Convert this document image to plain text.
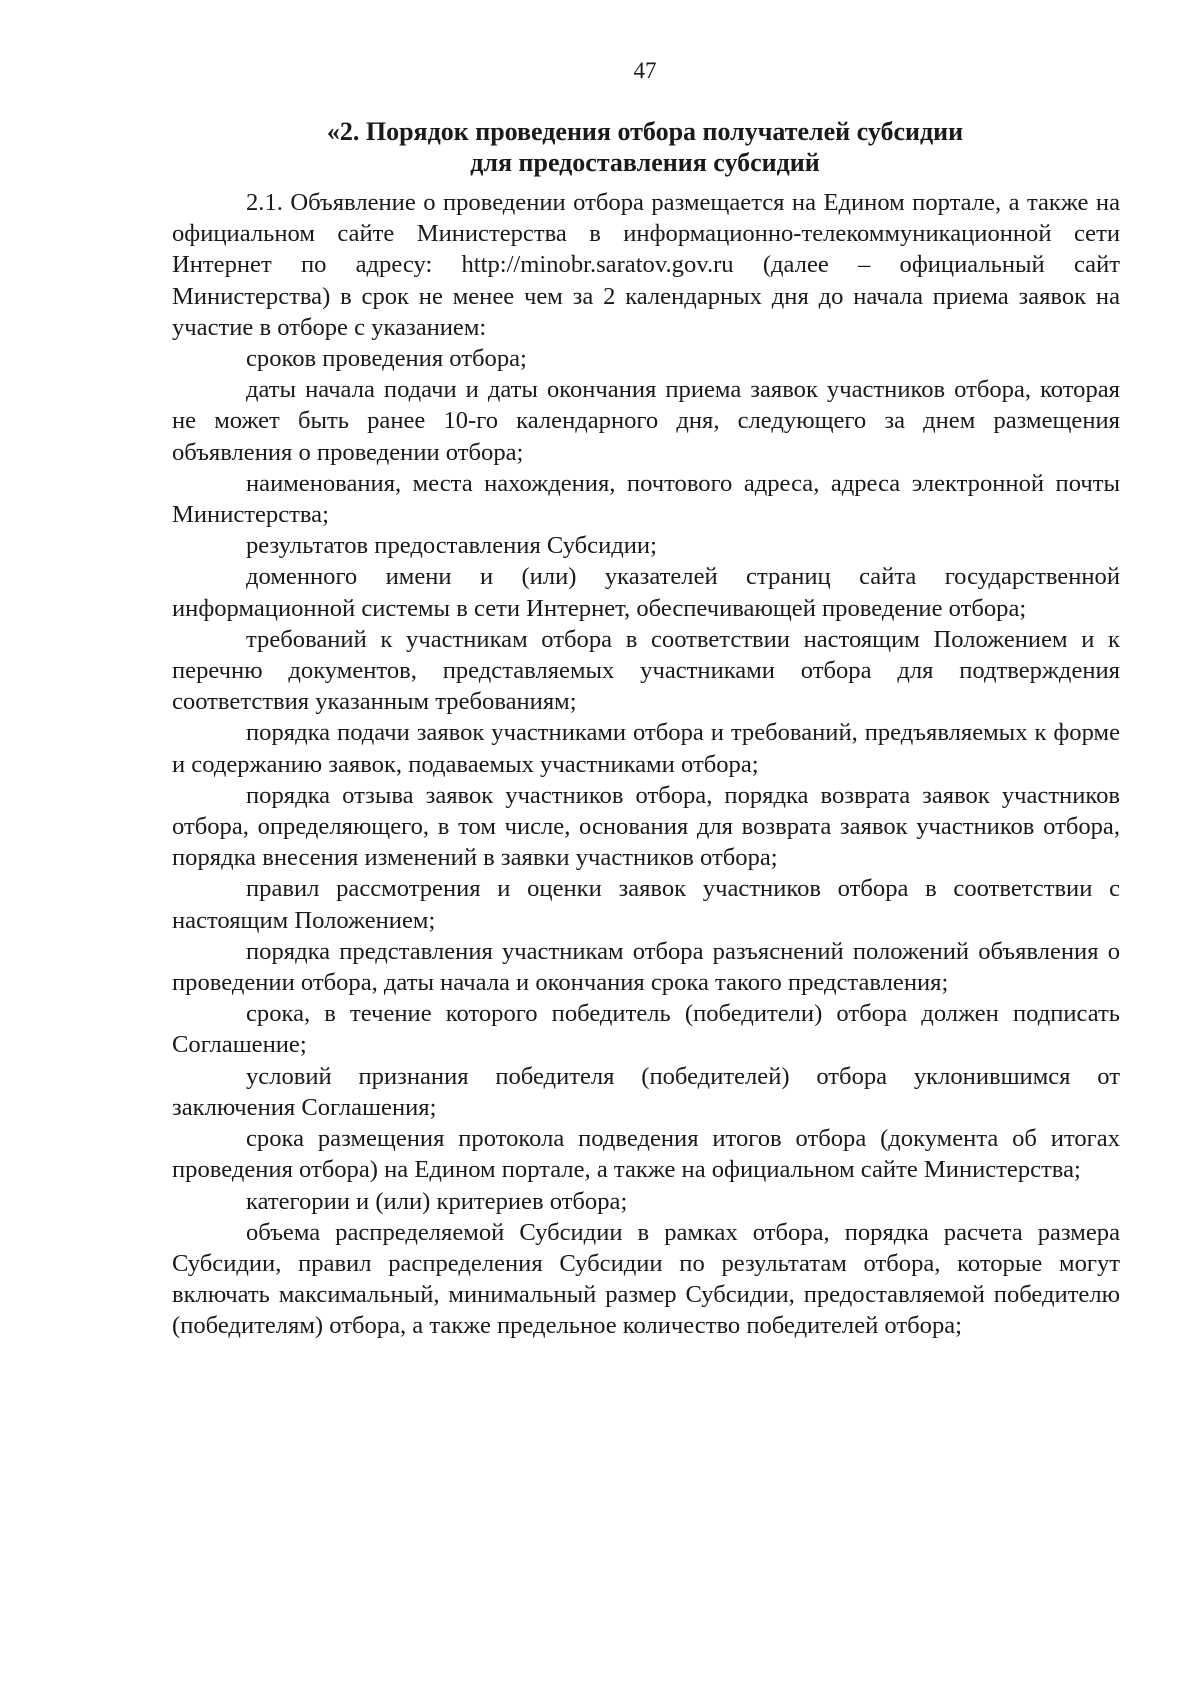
47
«2. Порядок проведения отбора получателей субсидии
для предоставления субсидий

2.1. Объявление о проведении отбора размещается на Едином портале, а также на официальном сайте Министерства в информационно-телекоммуникационной сети Интернет по адресу: http://minobr.saratov.gov.ru (далее – официальный сайт Министерства) в срок не менее чем за 2 календарных дня до начала приема заявок на участие в отборе с указанием:

сроков проведения отбора;

даты начала подачи и даты окончания приема заявок участников отбора, которая не может быть ранее 10-го календарного дня, следующего за днем размещения объявления о проведении отбора;

наименования, места нахождения, почтового адреса, адреса электронной почты Министерства;

результатов предоставления Субсидии;

доменного имени и (или) указателей страниц сайта государственной информационной системы в сети Интернет, обеспечивающей проведение отбора;

требований к участникам отбора в соответствии настоящим Положением и к перечню документов, представляемых участниками отбора для подтверждения соответствия указанным требованиям;

порядка подачи заявок участниками отбора и требований, предъявляемых к форме и содержанию заявок, подаваемых участниками отбора;

порядка отзыва заявок участников отбора, порядка возврата заявок участников отбора, определяющего, в том числе, основания для возврата заявок участников отбора, порядка внесения изменений в заявки участников отбора;

правил рассмотрения и оценки заявок участников отбора в соответствии с настоящим Положением;

порядка представления участникам отбора разъяснений положений объявления о проведении отбора, даты начала и окончания срока такого представления;

срока, в течение которого победитель (победители) отбора должен подписать Соглашение;

условий признания победителя (победителей) отбора уклонившимся от заключения Соглашения;

срока размещения протокола подведения итогов отбора (документа об итогах проведения отбора) на Едином портале, а также на официальном сайте Министерства;

категории и (или) критериев отбора;

объема распределяемой Субсидии в рамках отбора, порядка расчета размера Субсидии, правил распределения Субсидии по результатам отбора, которые могут включать максимальный, минимальный размер Субсидии, предоставляемой победителю (победителям) отбора, а также предельное количество победителей отбора;
